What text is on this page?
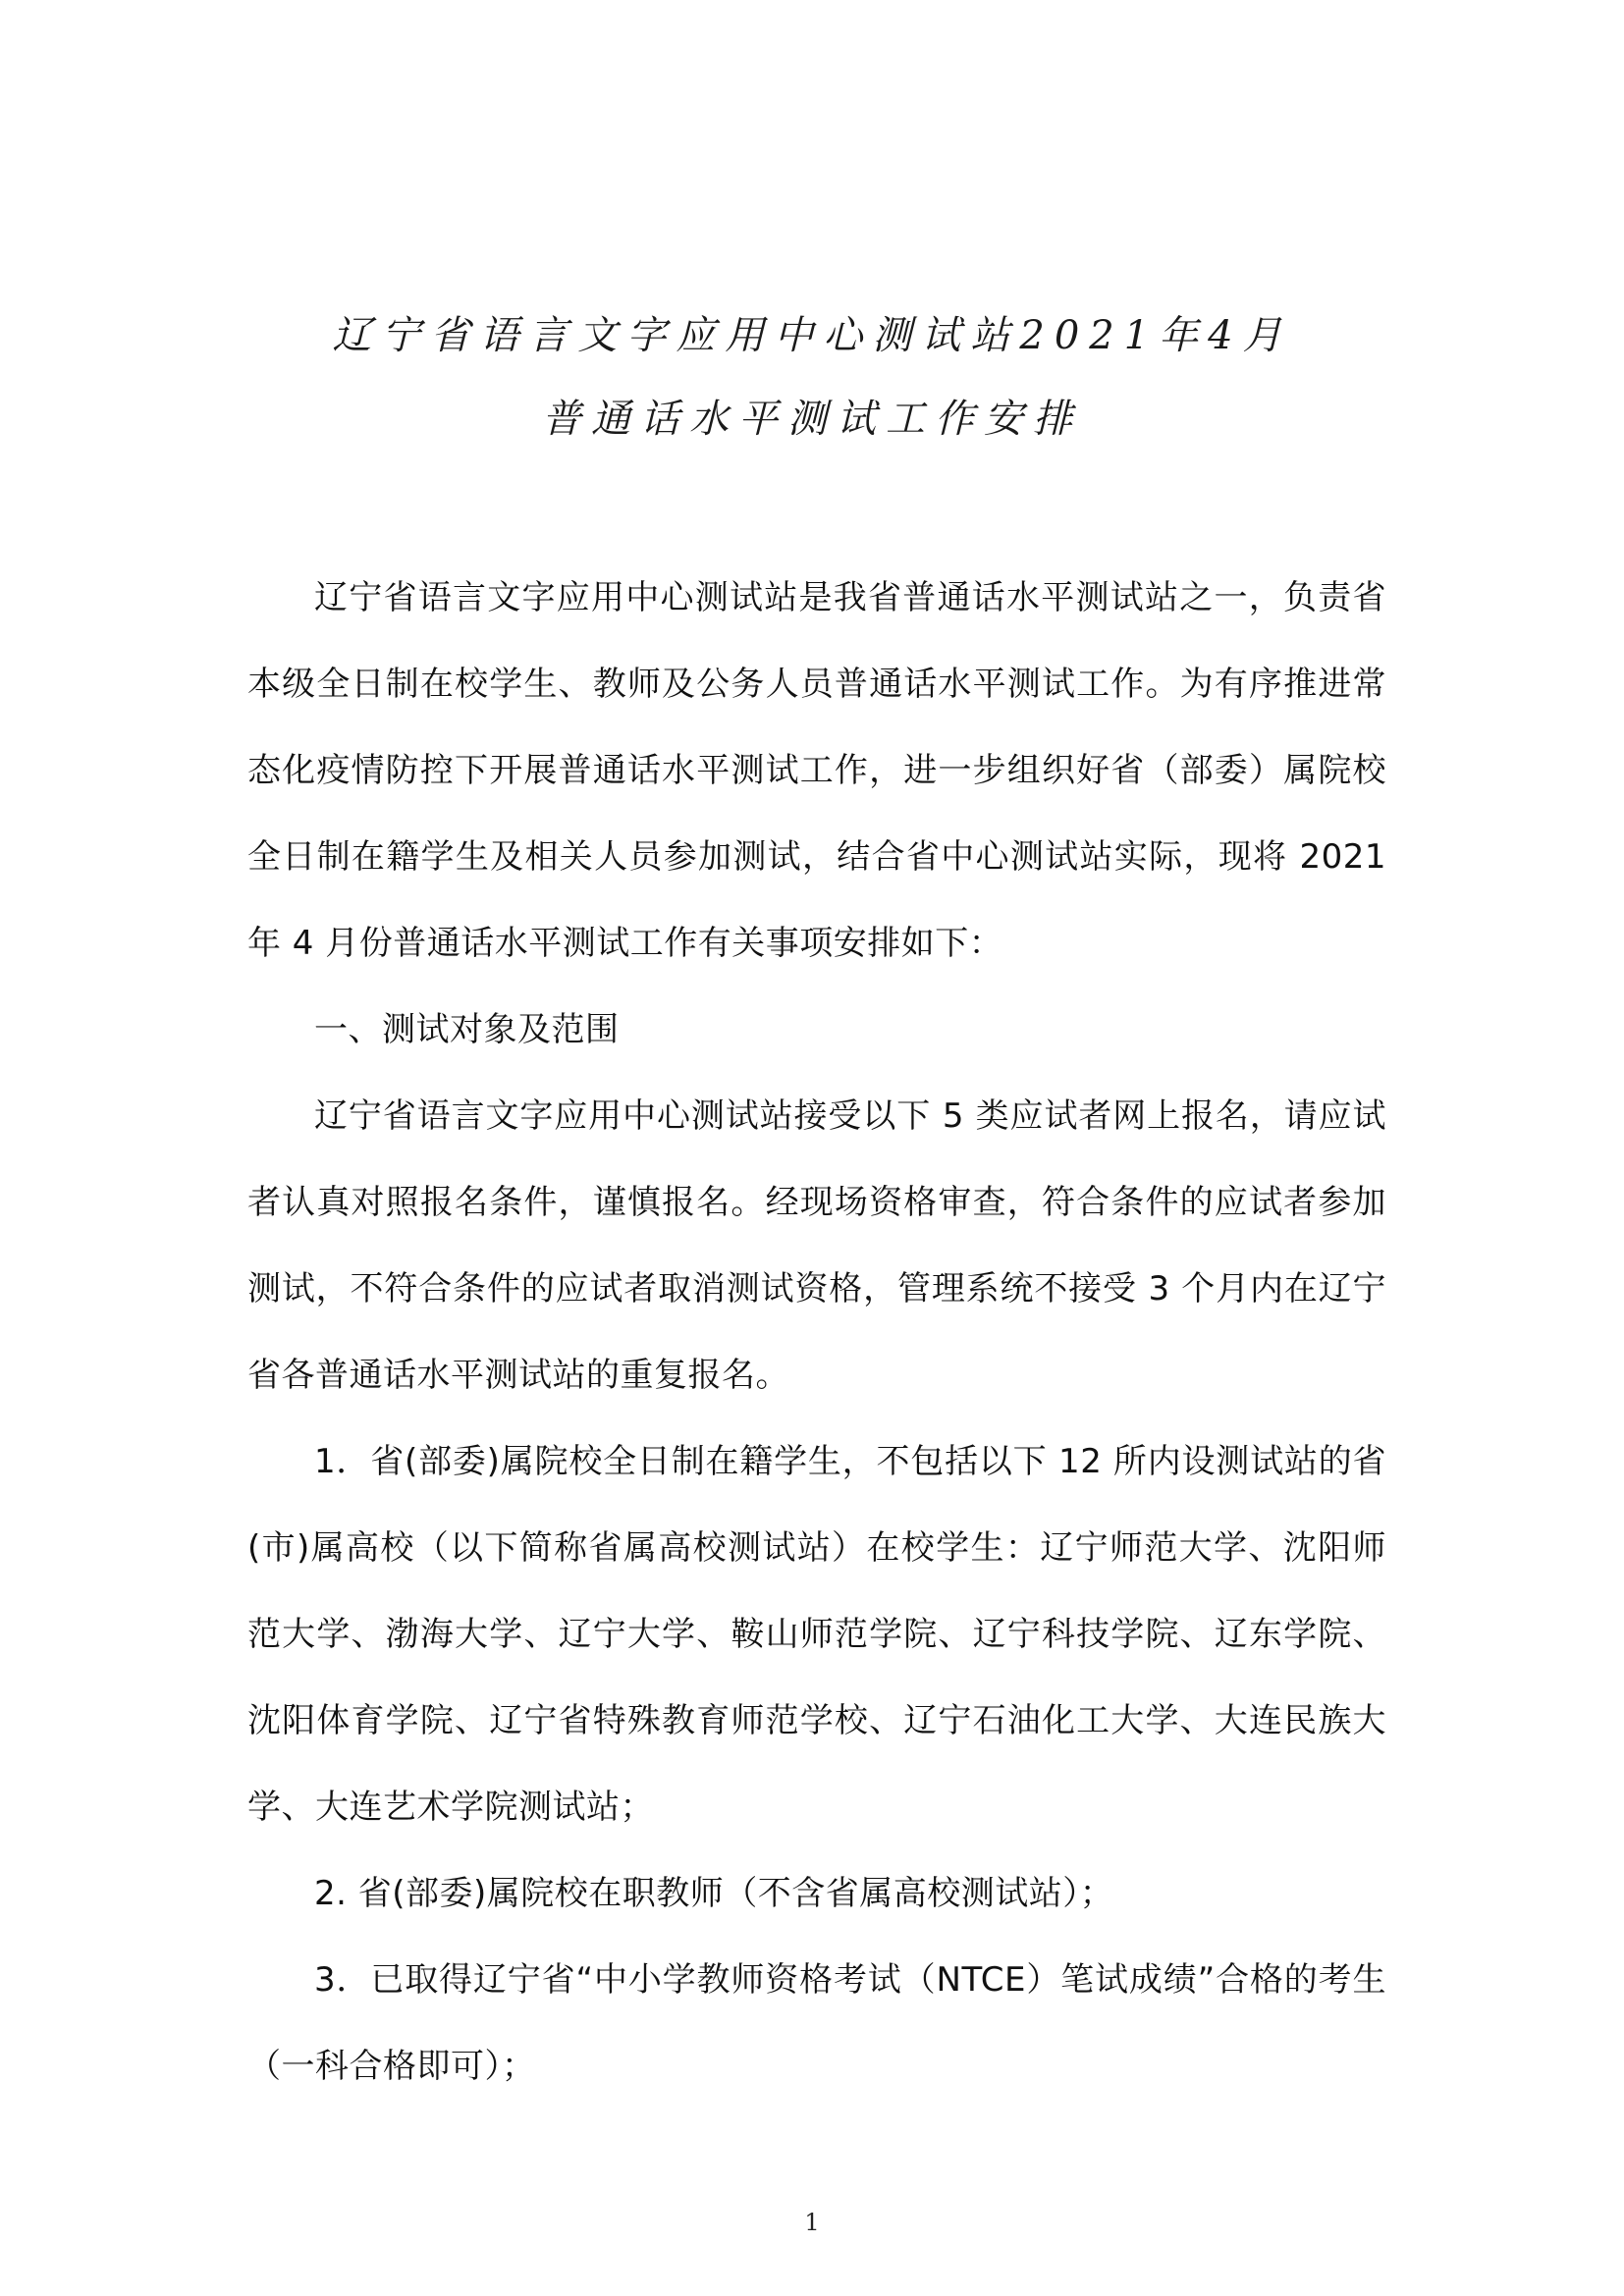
辽宁省语言文字应用中心测试站2021年4月
普通话水平测试工作安排

辽宁省语言文字应用中心测试站是我省普通话水平测试站之一，负责省本级全日制在校学生、教师及公务人员普通话水平测试工作。为有序推进常态化疫情防控下开展普通话水平测试工作，进一步组织好省（部委）属院校全日制在籍学生及相关人员参加测试，结合省中心测试站实际，现将 2021 年 4 月份普通话水平测试工作有关事项安排如下：

一、测试对象及范围

辽宁省语言文字应用中心测试站接受以下 5 类应试者网上报名，请应试者认真对照报名条件，谨慎报名。经现场资格审查，符合条件的应试者参加测试，不符合条件的应试者取消测试资格，管理系统不接受 3 个月内在辽宁省各普通话水平测试站的重复报名。

1．省(部委)属院校全日制在籍学生，不包括以下 12 所内设测试站的省(市)属高校（以下简称省属高校测试站）在校学生：辽宁师范大学、沈阳师范大学、渤海大学、辽宁大学、鞍山师范学院、辽宁科技学院、辽东学院、沈阳体育学院、辽宁省特殊教育师范学校、辽宁石油化工大学、大连民族大学、大连艺术学院测试站；

2. 省(部委)属院校在职教师（不含省属高校测试站）；

3．已取得辽宁省“中小学教师资格考试（NTCE）笔试成绩”合格的考生（一科合格即可）；

1
